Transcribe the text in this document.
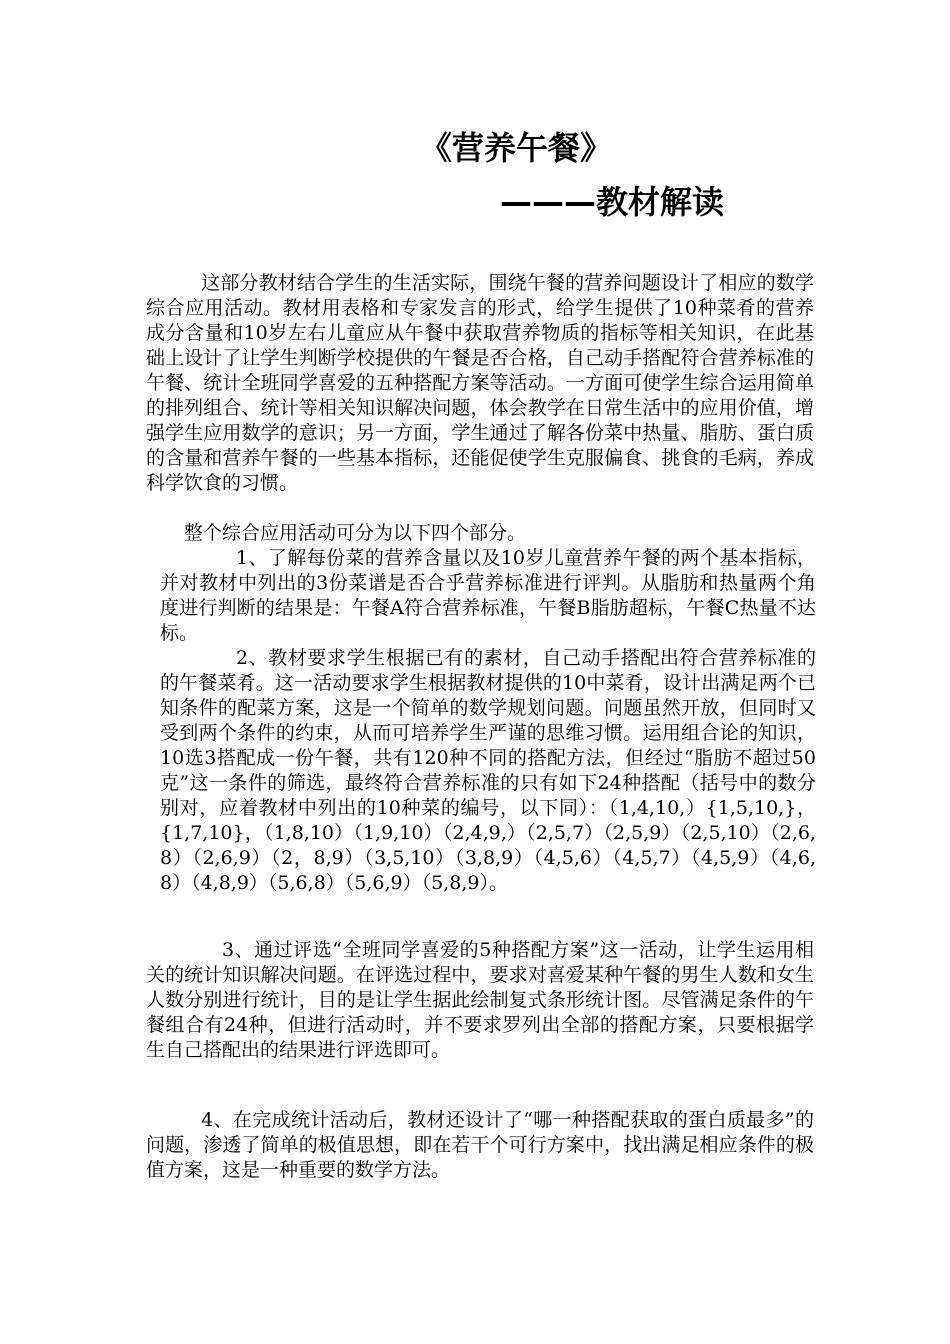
《营养午餐》
———教材解读
这部分教材结合学生的生活实际，围绕午餐的营养问题设计了相应的数学综合应用活动。教材用表格和专家发言的形式，给学生提供了10种菜肴的营养成分含量和10岁左右儿童应从午餐中获取营养物质的指标等相关知识，在此基础上设计了让学生判断学校提供的午餐是否合格，自己动手搭配符合营养标准的午餐、统计全班同学喜爱的五种搭配方案等活动。一方面可使学生综合运用简单的排列组合、统计等相关知识解决问题，体会教学在日常生活中的应用价值，增强学生应用数学的意识；另一方面，学生通过了解各份菜中热量、脂肪、蛋白质的含量和营养午餐的一些基本指标，还能促使学生克服偏食、挑食的毛病，养成科学饮食的习惯。
整个综合应用活动可分为以下四个部分。
1、了解每份菜的营养含量以及10岁儿童营养午餐的两个基本指标，并对教材中列出的3份菜谱是否合乎营养标准进行评判。从脂肪和热量两个角度进行判断的结果是：午餐A符合营养标准，午餐B脂肪超标，午餐C热量不达标。
2、教材要求学生根据已有的素材，自己动手搭配出符合营养标准的的午餐菜肴。这一活动要求学生根据教材提供的10中菜肴，设计出满足两个已知条件的配菜方案，这是一个简单的数学规划问题。问题虽然开放，但同时又受到两个条件的约束，从而可培养学生严谨的思维习惯。运用组合论的知识，10选3搭配成一份午餐，共有120种不同的搭配方法，但经过“脂肪不超过50克”这一条件的筛选，最终符合营养标准的只有如下24种搭配（括号中的数分别对，应着教材中列出的10种菜的编号，以下同）：（1,4,10,）{1,5,10,}，{1,7,10}，（1,8,10）（1,9,10）（2,4,9,）（2,5,7）（2,5,9）（2,5,10）（2,6,8）（2,6,9）（2，8,9）（3,5,10）（3,8,9）（4,5,6）（4,5,7）（4,5,9）（4,6,8）（4,8,9）（5,6,8）（5,6,9）（5,8,9）。
3、通过评选“全班同学喜爱的5种搭配方案”这一活动，让学生运用相关的统计知识解决问题。在评选过程中，要求对喜爱某种午餐的男生人数和女生人数分别进行统计，目的是让学生据此绘制复式条形统计图。尽管满足条件的午餐组合有24种，但进行活动时，并不要求罗列出全部的搭配方案，只要根据学生自己搭配出的结果进行评选即可。
4、在完成统计活动后，教材还设计了“哪一种搭配获取的蛋白质最多”的问题，渗透了简单的极值思想，即在若干个可行方案中，找出满足相应条件的极值方案，这是一种重要的数学方法。
